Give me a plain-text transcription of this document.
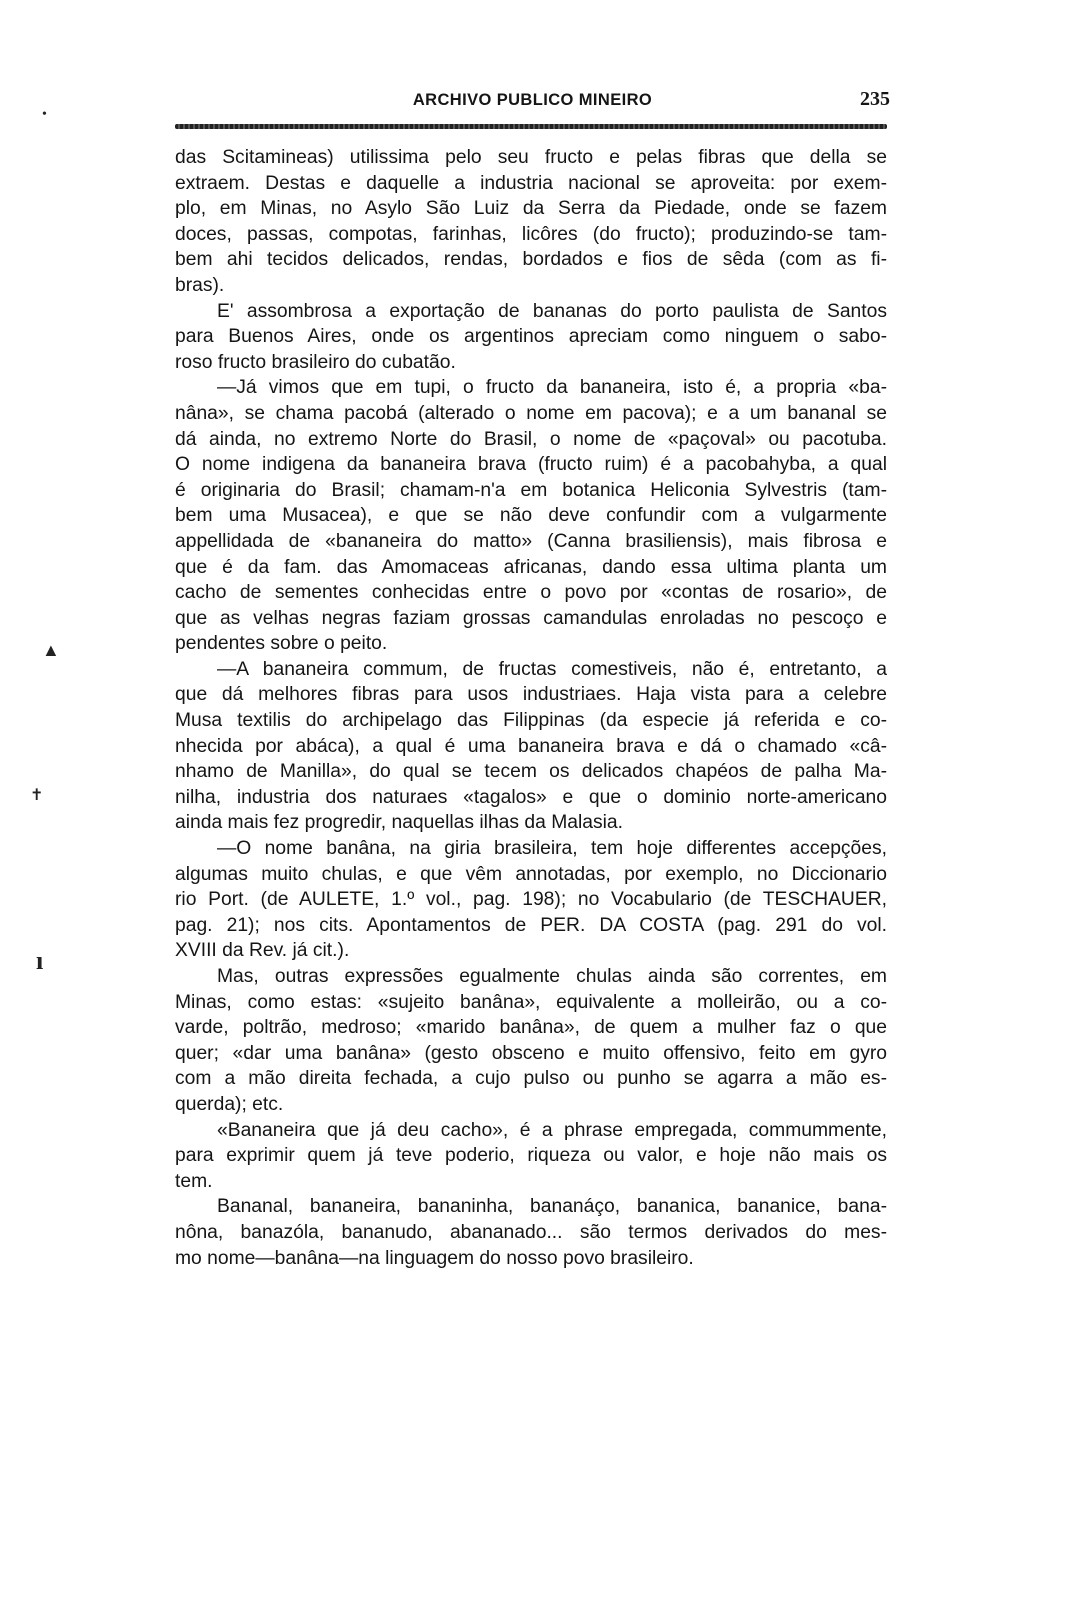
ARCHIVO PUBLICO MINEIRO	235
das Scitamineas) utilissima pelo seu fructo e pelas fibras que della se
extraem. Destas e daquelle a industria nacional se aproveita: por exem-
plo, em Minas, no Asylo São Luiz da Serra da Piedade, onde se fazem
doces, passas, compotas, farinhas, licôres (do fructo); produzindo-se tam-
bem ahi tecidos delicados, rendas, bordados e fios de sêda (com as fi-
bras).
E' assombrosa a exportação de bananas do porto paulista de Santos
para Buenos Aires, onde os argentinos apreciam como ninguem o sabo-
roso fructo brasileiro do cubatão.
—Já vimos que em tupi, o fructo da bananeira, isto é, a propria «ba-
nâna», se chama pacobá (alterado o nome em pacova); e a um bananal se
dá ainda, no extremo Norte do Brasil, o nome de «paçoval» ou pacotuba.
O nome indigena da bananeira brava (fructo ruim) é a pacobahyba, a qual
é originaria do Brasil; chamam-n'a em botanica Heliconia Sylvestris (tam-
bem uma Musacea), e que se não deve confundir com a vulgarmente
appellidada de «bananeira do matto» (Canna brasiliensis), mais fibrosa e
que é da fam. das Amomaceas africanas, dando essa ultima planta um
cacho de sementes conhecidas entre o povo por «contas de rosario», de
que as velhas negras faziam grossas camandulas enroladas no pescoço e
pendentes sobre o peito.
—A bananeira commum, de fructas comestiveis, não é, entretanto, a
que dá melhores fibras para usos industriaes. Haja vista para a celebre
Musa textilis do archipelago das Filippinas (da especie já referida e co-
nhecida por abáca), a qual é uma bananeira brava e dá o chamado «câ-
nhamo de Manilla», do qual se tecem os delicados chapéos de palha Ma-
nilha, industria dos naturaes «tagalos» e que o dominio norte-americano
ainda mais fez progredir, naquellas ilhas da Malasia.
—O nome banâna, na giria brasileira, tem hoje differentes accepções,
algumas muito chulas, e que vêm annotadas, por exemplo, no Diccionario
rio Port. (de AULETE, 1.º vol., pag. 198); no Vocabulario (de TESCHAUER,
pag. 21); nos cits. Apontamentos de PER. DA COSTA (pag. 291 do vol.
XVIII da Rev. já cit.).
Mas, outras expressões egualmente chulas ainda são correntes, em
Minas, como estas: «sujeito banâna», equivalente a molleirão, ou a co-
varde, poltrão, medroso; «marido banâna», de quem a mulher faz o que
quer; «dar uma banâna» (gesto obsceno e muito offensivo, feito em gyro
com a mão direita fechada, a cujo pulso ou punho se agarra a mão es-
querda); etc.
«Bananeira que já deu cacho», é a phrase empregada, commummente,
para exprimir quem já teve poderio, riqueza ou valor, e hoje não mais os
tem.
Bananal, bananeira, bananinha, bananáço, bananica, bananice, bana-
nôna, banazóla, bananudo, abananado... são termos derivados do mes-
mo nome—banâna—na linguagem do nosso povo brasileiro.
•
▲
✝
ı
